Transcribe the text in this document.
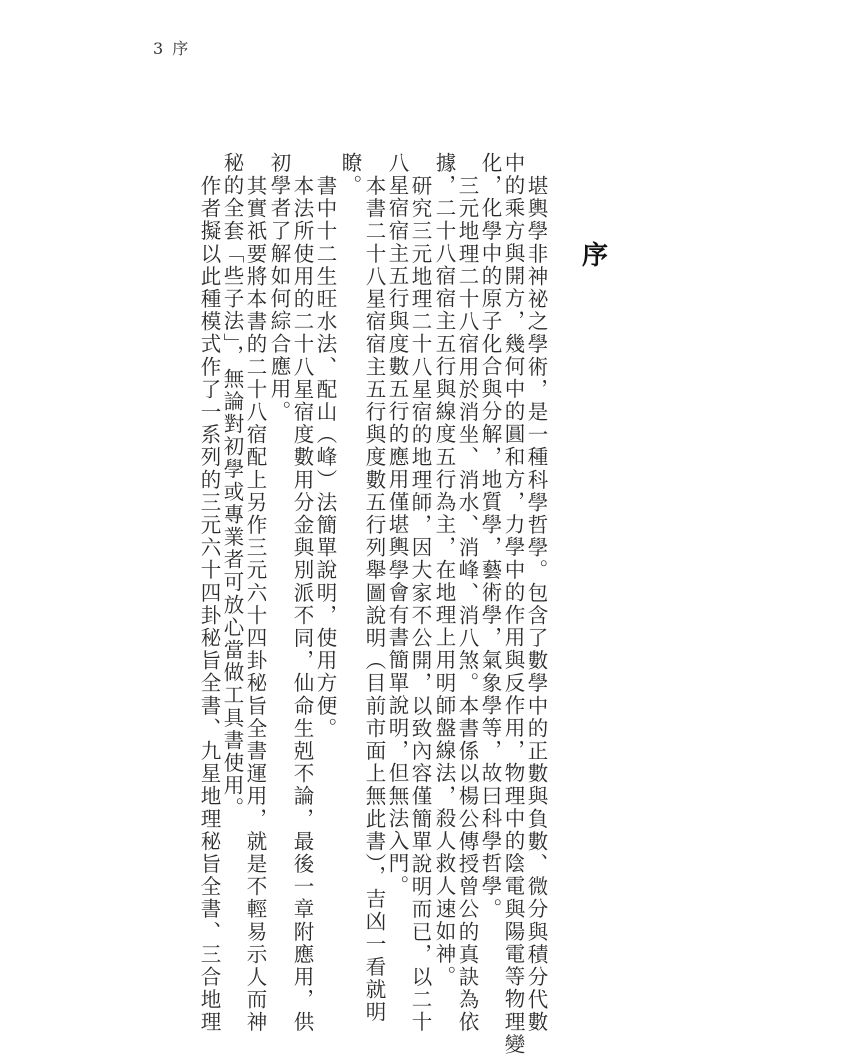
3 序
序
堪輿學非神祕之學術，是一種科學哲學。包含了數學中的正數與負數、微分與積分代數
中的乘方與開方，幾何中的圓和方，力學中的作用與反作用，物理中的陰電與陽電等物理變
化，化學中的原子化合與分解，地質學，藝術學，氣象學等，故曰科學哲學。
三元地理二十八宿用於消坐、消水、消峰、消八煞。本書係以楊公傳授曾公的真訣為依
據，二十八宿宿主五行與線度五行為主，在地理上用明師盤線法，殺人救人速如神。
研究三元地理二十八星宿的地理師，因大家不公開，以致內容僅簡單說明而已，以二十
八星宿宿主五行與度數五行的應用僅堪輿學會有書簡單說明，但無法入門。
本書二十八星宿宿主五行與度數五行列舉圖說明（目前市面上無此書），吉凶一看就明
瞭。
書中十二生旺水法、配山（峰）法簡單說明，使用方便。
本法所使用的二十八星宿度數用分金與別派不同，仙命生剋不論，最後一章附應用，供
初學者了解如何綜合應用。
其實祇要將本書的二十八宿配上另作三元六十四卦秘旨全書運用，就是不輕易示人而神
秘的全套「些子法」，無論對初學或專業者可放心當做工具書使用。
作者擬以此種模式作了一系列的三元六十四卦秘旨全書、九星地理秘旨全書、三合地理
